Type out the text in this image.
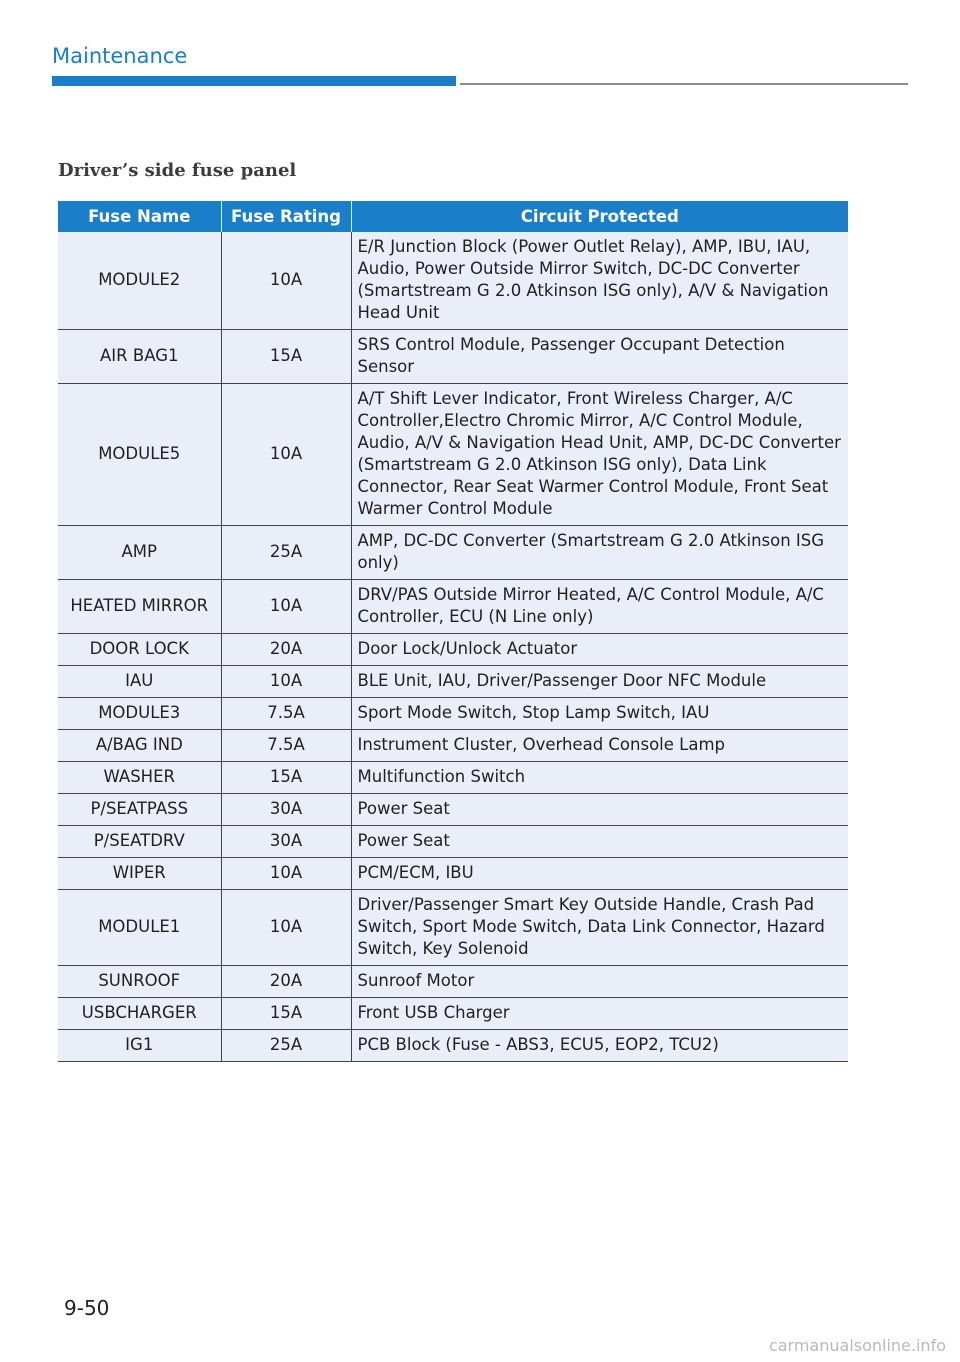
Maintenance
Driver’s side fuse panel
Fuse Name	Fuse Rating	Circuit Protected
MODULE2	10A	E/R Junction Block (Power Outlet Relay), AMP, IBU, IAU, Audio, Power Outside Mirror Switch, DC-DC Converter (Smartstream G 2.0 Atkinson ISG only), A/V & Navigation Head Unit
AIR BAG1	15A	SRS Control Module, Passenger Occupant Detection Sensor
MODULE5	10A	A/T Shift Lever Indicator, Front Wireless Charger, A/C Controller,Electro Chromic Mirror, A/C Control Module, Audio, A/V & Navigation Head Unit, AMP, DC-DC Converter (Smartstream G 2.0 Atkinson ISG only), Data Link Connector, Rear Seat Warmer Control Module, Front Seat Warmer Control Module
AMP	25A	AMP, DC-DC Converter (Smartstream G 2.0 Atkinson ISG only)
HEATED MIRROR	10A	DRV/PAS Outside Mirror Heated, A/C Control Module, A/C Controller, ECU (N Line only)
DOOR LOCK	20A	Door Lock/Unlock Actuator
IAU	10A	BLE Unit, IAU, Driver/Passenger Door NFC Module
MODULE3	7.5A	Sport Mode Switch, Stop Lamp Switch, IAU
A/BAG IND	7.5A	Instrument Cluster, Overhead Console Lamp
WASHER	15A	Multifunction Switch
P/SEATPASS	30A	Power Seat
P/SEATDRV	30A	Power Seat
WIPER	10A	PCM/ECM, IBU
MODULE1	10A	Driver/Passenger Smart Key Outside Handle, Crash Pad Switch, Sport Mode Switch, Data Link Connector, Hazard Switch, Key Solenoid
SUNROOF	20A	Sunroof Motor
USBCHARGER	15A	Front USB Charger
IG1	25A	PCB Block (Fuse - ABS3, ECU5, EOP2, TCU2)
9-50
carmanualsonline.info
